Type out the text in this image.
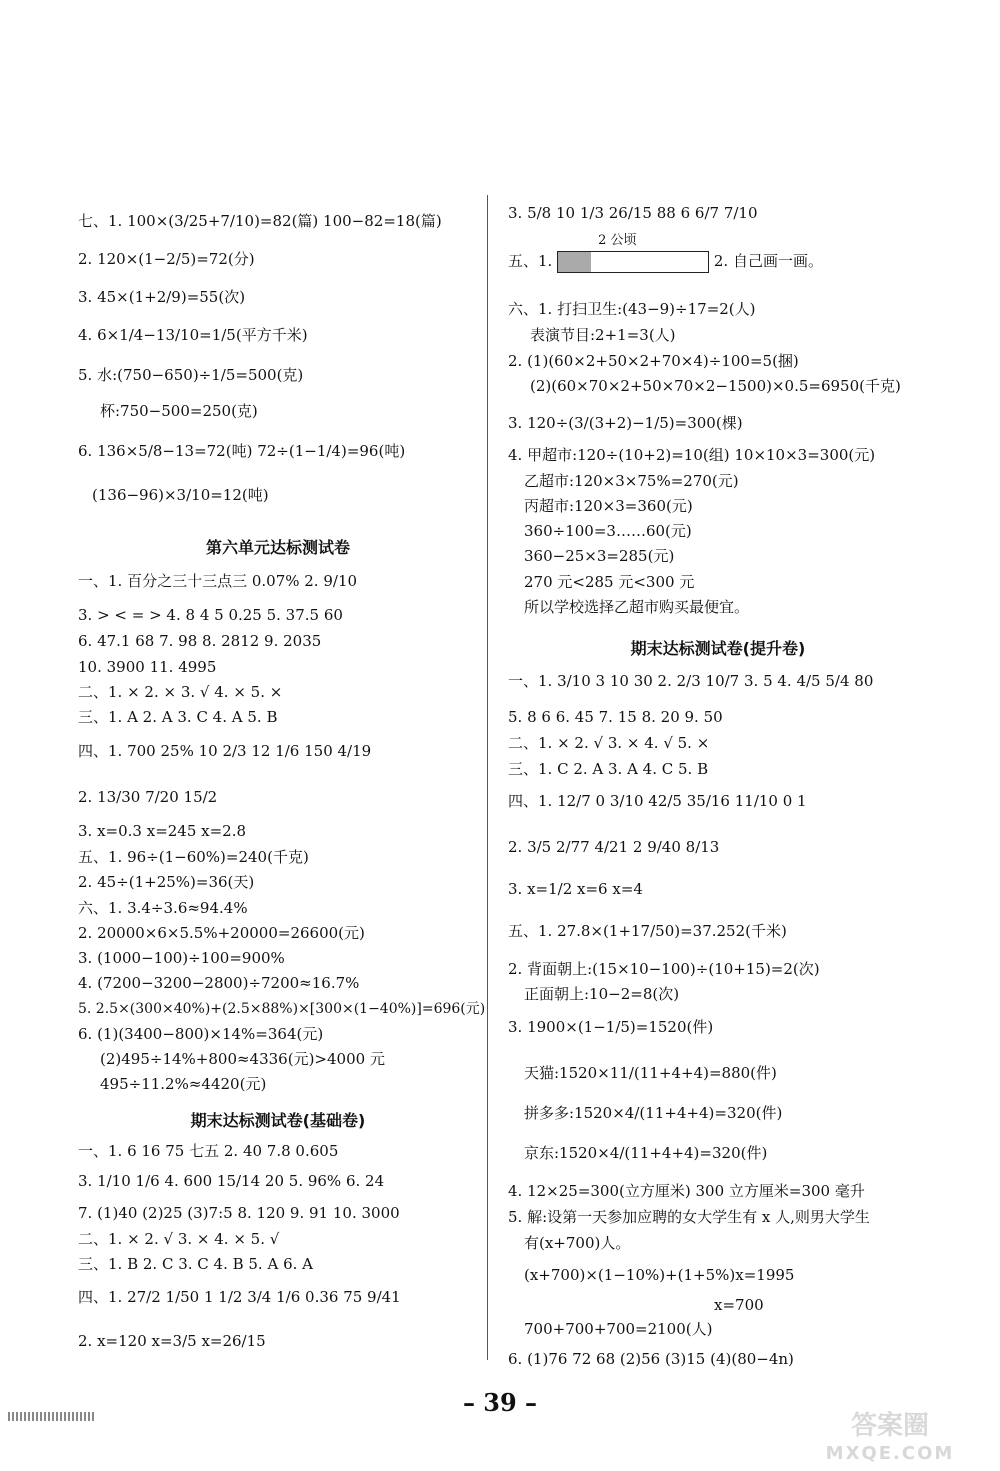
七、1. 100×(3/25+7/10)=82(篇) 100−82=18(篇)
2. 120×(1−2/5)=72(分)
3. 45×(1+2/9)=55(次)
4. 6×1/4−13/10=1/5(平方千米)
5. 水:(750−650)÷1/5=500(克)
杯:750−500=250(克)
6. 136×5/8−13=72(吨) 72÷(1−1/4)=96(吨)
(136−96)×3/10=12(吨)
第六单元达标测试卷
一、1. 百分之三十三点三 0.07% 2. 9/10
3. > < = > 4. 8 4 5 0.25 5. 37.5 60
6. 47.1 68 7. 98 8. 2812 9. 2035
10. 3900 11. 4995
二、1. × 2. × 3. √ 4. × 5. ×
三、1. A 2. A 3. C 4. A 5. B
四、1. 700 25% 10 2/3 12 1/6 150 4/19
2. 13/30 7/20 15/2
3. x=0.3 x=245 x=2.8
五、1. 96÷(1−60%)=240(千克)
2. 45÷(1+25%)=36(天)
六、1. 3.4÷3.6≈94.4%
2. 20000×6×5.5%+20000=26600(元)
3. (1000−100)÷100=900%
4. (7200−3200−2800)÷7200≈16.7%
5. 2.5×(300×40%)+(2.5×88%)×[300×(1−40%)]=696(元)
6. (1)(3400−800)×14%=364(元)
(2)495÷14%+800≈4336(元)>4000 元
495÷11.2%≈4420(元)
期末达标测试卷(基础卷)
一、1. 6 16 75 七五 2. 40 7.8 0.605
3. 1/10 1/6 4. 600 15/14 20 5. 96% 6. 24
7. (1)40 (2)25 (3)7:5 8. 120 9. 91 10. 3000
二、1. × 2. √ 3. × 4. × 5. √
三、1. B 2. C 3. C 4. B 5. A 6. A
四、1. 27/2 1/50 1 1/2 3/4 1/6 0.36 75 9/41
2. x=120 x=3/5 x=26/15
3. 5/8 10 1/3 26/15 88 6 6/7 7/10
五、1.
2 公顷
2. 自己画一画。
六、1. 打扫卫生:(43−9)÷17=2(人)
表演节目:2+1=3(人)
2. (1)(60×2+50×2+70×4)÷100=5(捆)
(2)(60×70×2+50×70×2−1500)×0.5=6950(千克)
3. 120÷(3/(3+2)−1/5)=300(棵)
4. 甲超市:120÷(10+2)=10(组) 10×10×3=300(元)
乙超市:120×3×75%=270(元)
丙超市:120×3=360(元)
360÷100=3……60(元)
360−25×3=285(元)
270 元<285 元<300 元
所以学校选择乙超市购买最便宜。
期末达标测试卷(提升卷)
一、1. 3/10 3 10 30 2. 2/3 10/7 3. 5 4. 4/5 5/4 80
5. 8 6 6. 45 7. 15 8. 20 9. 50
二、1. × 2. √ 3. × 4. √ 5. ×
三、1. C 2. A 3. A 4. C 5. B
四、1. 12/7 0 3/10 42/5 35/16 11/10 0 1
2. 3/5 2/77 4/21 2 9/40 8/13
3. x=1/2 x=6 x=4
五、1. 27.8×(1+17/50)=37.252(千米)
2. 背面朝上:(15×10−100)÷(10+15)=2(次)
正面朝上:10−2=8(次)
3. 1900×(1−1/5)=1520(件)
天猫:1520×11/(11+4+4)=880(件)
拼多多:1520×4/(11+4+4)=320(件)
京东:1520×4/(11+4+4)=320(件)
4. 12×25=300(立方厘米) 300 立方厘米=300 毫升
5. 解:设第一天参加应聘的女大学生有 x 人,则男大学生
有(x+700)人。
(x+700)×(1−10%)+(1+5%)x=1995
x=700
700+700+700=2100(人)
6. (1)76 72 68 (2)56 (3)15 (4)(80−4n)
– 39 –
答案圈
MXQE.COM
